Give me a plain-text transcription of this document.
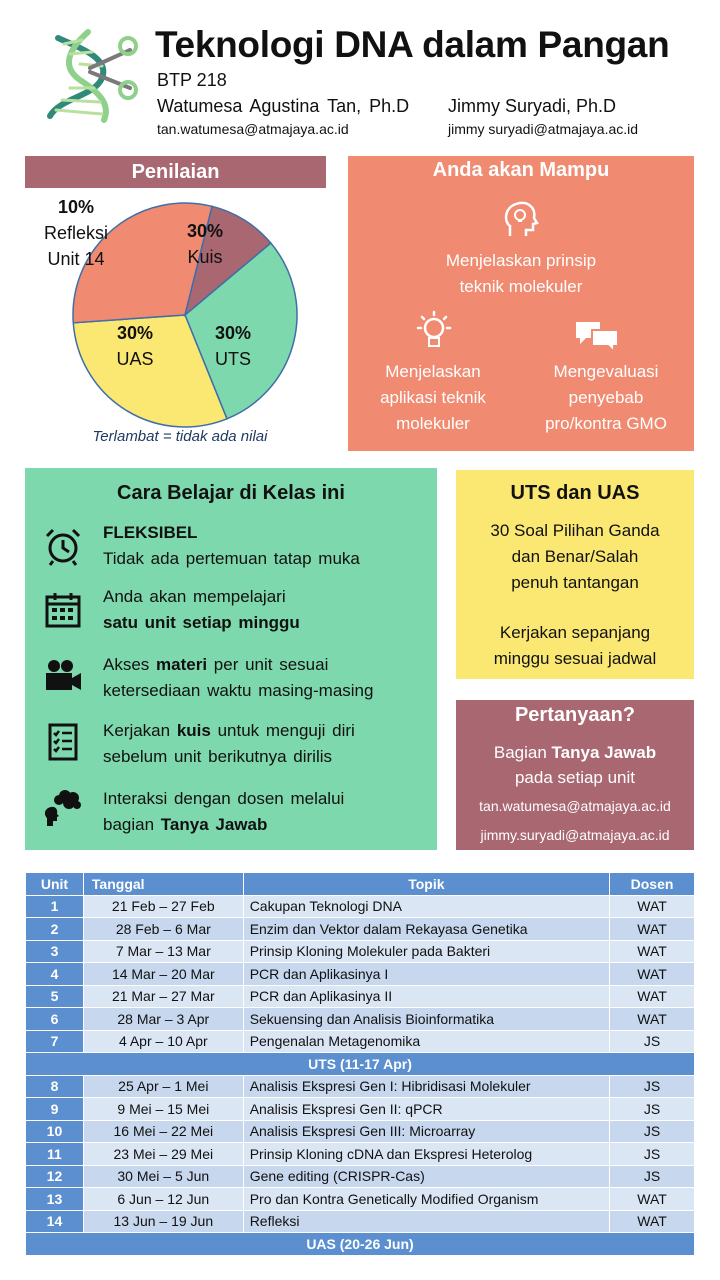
Teknologi DNA dalam Pangan
BTP 218
Watumesa Agustina Tan, Ph.D Jimmy Suryadi, Ph.D
tan.watumesa@atmajaya.ac.id	jimmy suryadi@atmajaya.ac.id
Penilaian
30%
Kuis
30%
UTS
30%
UAS
10%
Refleksi
Unit 14
Terlambat = tidak ada nilai
Anda akan Mampu
Menjelaskan prinsip
teknik molekuler
Menjelaskan
aplikasi teknik
molekuler
Mengevaluasi
penyebab
pro/kontra GMO
Cara Belajar di Kelas ini
FLEKSIBEL
Tidak ada pertemuan tatap muka
Anda akan mempelajari
satu unit setiap minggu
Akses materi per unit sesuai
ketersediaan waktu masing-masing
Kerjakan kuis untuk menguji diri
sebelum unit berikutnya dirilis
Interaksi dengan dosen melalui
bagian Tanya Jawab
UTS dan UAS
30 Soal Pilihan Ganda
dan Benar/Salah
penuh tantangan
Kerjakan sepanjang
minggu sesuai jadwal
Pertanyaan?
Bagian Tanya Jawab
pada setiap unit
tan.watumesa@atmajaya.ac.id
jimmy.suryadi@atmajaya.ac.id
Unit	Tanggal	Topik	Dosen
1	21 Feb – 27 Feb	Cakupan Teknologi DNA	WAT
2	28 Feb – 6 Mar	Enzim dan Vektor dalam Rekayasa Genetika	WAT
3	7 Mar – 13 Mar	Prinsip Kloning Molekuler pada Bakteri	WAT
4	14 Mar – 20 Mar	PCR dan Aplikasinya I	WAT
5	21 Mar – 27 Mar	PCR dan Aplikasinya II	WAT
6	28 Mar – 3 Apr	Sekuensing dan Analisis Bioinformatika	WAT
7	4 Apr – 10 Apr	Pengenalan Metagenomika	JS
UTS (11-17 Apr)			
8	25 Apr – 1 Mei	Analisis Ekspresi Gen I: Hibridisasi Molekuler	JS
9	9 Mei – 15 Mei	Analisis Ekspresi Gen II: qPCR	JS
10	16 Mei – 22 Mei	Analisis Ekspresi Gen III: Microarray	JS
11	23 Mei – 29 Mei	Prinsip Kloning cDNA dan Ekspresi Heterolog	JS
12	30 Mei – 5 Jun	Gene editing (CRISPR-Cas)	JS
13	6 Jun – 12 Jun	Pro dan Kontra Genetically Modified Organism	WAT
14	13 Jun – 19 Jun	Refleksi	WAT
UAS (20-26 Jun)			
